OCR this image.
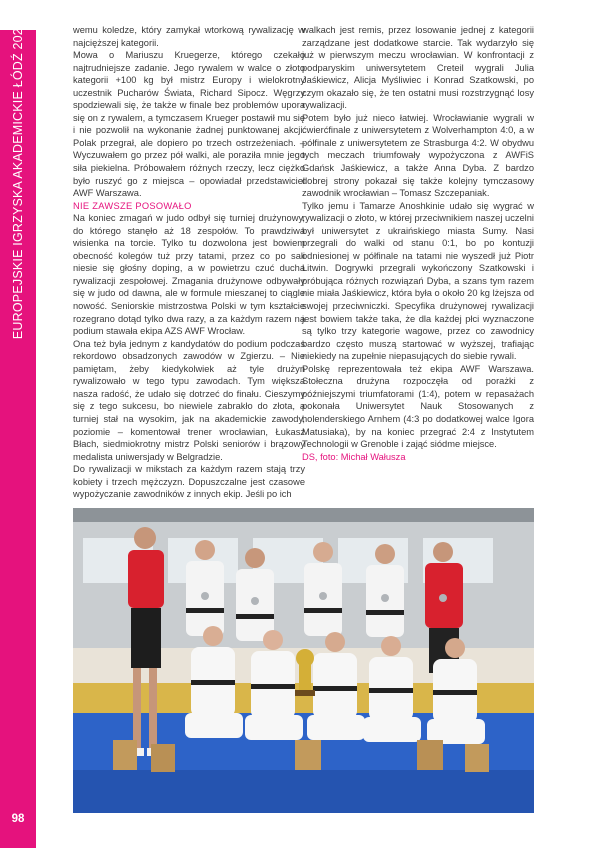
EUROPEJSKIE IGRZYSKA AKADEMICKIE ŁÓDŹ 2022
98

wemu koledze, który zamykał wtorkową rywalizację w najcięższej kategorii.

Mowa o Mariuszu Kruegerze, którego czekało najtrudniejsze zadanie. Jego rywalem w walce o złoto kategorii +100 kg był mistrz Europy i wielokrotny uczestnik Pucharów Świata, Richard Sipocz. Węgrzy spodziewali się, że także w finale bez problemów upora się on z rywalem, a tymczasem Krueger postawił mu się i nie pozwolił na wykonanie żadnej punktowanej akcji. Polak przegrał, ale dopiero po trzech ostrzeżeniach. – Wyczuwałem go przez pół walki, ale poraziła mnie jego siła piekielna. Próbowałem różnych rzeczy, lecz ciężko było ruszyć go z miejsca – opowiadał przedstawiciel AWF Warszawa.

NIE ZAWSZE POSOWAŁO

Na koniec zmagań w judo odbył się turniej drużynowy, do którego stanęło aż 18 zespołów. To prawdziwa wisienka na torcie. Tylko tu dozwolona jest bowiem obecność kolegów tuż przy tatami, przez co po sali niesie się głośny doping, a w powietrzu czuć ducha rywalizacji zespołowej. Zmagania drużynowe odbywały się w judo od dawna, ale w formule mieszanej to ciągle nowość. Seniorskie mistrzostwa Polski w tym kształcie rozegrano dotąd tylko dwa razy, a za każdym razem na podium stawała ekipa AZS AWF Wrocław.

Ona też była jednym z kandydatów do podium podczas rekordowo obsadzonych zawodów w Zgierzu. – Nie pamiętam, żeby kiedykolwiek aż tyle drużyn rywalizowało w tego typu zawodach. Tym większa nasza radość, że udało się dotrzeć do finału. Cieszymy się z tego sukcesu, bo niewiele zabrakło do złota, a turniej stał na wysokim, jak na akademickie zawody, poziomie – komentował trener wrocławian, Łukasz Błach, siedmiokrotny mistrz Polski seniorów i brązowy medalista uniwersjady w Belgradzie.

Do rywalizacji w mikstach za każdym razem stają trzy kobiety i trzech mężczyzn. Dopuszczalne jest czasowe wypożyczanie zawodników z innych ekip. Jeśli po ich

walkach jest remis, przez losowanie jednej z kategorii zarządzane jest dodatkowe starcie. Tak wydarzyło się już w pierwszym meczu wrocławian. W konfrontacji z podparyskim uniwersytetem Creteil wygrali Julia Jaśkiewicz, Alicja Myśliwiec i Konrad Szatkowski, po czym okazało się, że ten ostatni musi rozstrzygnąć losy rywalizacji.

Potem było już nieco łatwiej. Wrocławianie wygrali w ćwierćfinale z uniwersytetem z Wolverhampton 4:0, a w półfinale z uniwersytetem ze Strasburga 4:2. W obydwu tych meczach triumfowały wypożyczona z AWFiS Gdańsk Jaśkiewicz, a także Anna Dyba. Z bardzo dobrej strony pokazał się także kolejny tymczasowy zawodnik wrocławian – Tomasz Szczepaniak.

Tylko jemu i Tamarze Anoshkinie udało się wygrać w rywalizacji o złoto, w której przeciwnikiem naszej uczelni był uniwersytet z ukraińskiego miasta Sumy. Nasi przegrali do walki od stanu 0:1, bo po kontuzji odniesionej w półfinale na tatami nie wyszedł już Piotr Litwin. Dogrywki przegrali wykończony Szatkowski i próbująca różnych rozwiązań Dyba, a szans tym razem nie miała Jaśkiewicz, która była o około 20 kg lżejsza od swojej przeciwniczki. Specyfika drużynowej rywalizacji jest bowiem także taka, że dla każdej płci wyznaczone są tylko trzy kategorie wagowe, przez co zawodnicy bardzo często muszą startować w wyższej, trafiając niekiedy na zupełnie niepasujących do siebie rywali.

Polskę reprezentowała też ekipa AWF Warszawa. Stołeczna drużyna rozpoczęła od porażki z późniejszymi triumfatorami (1:4), potem w repasażach pokonała Uniwersytet Nauk Stosowanych z holenderskiego Arnhem (4:3 po dodatkowej walce Igora Matusiaka), by na koniec przegrać 2:4 z Instytutem Technologii w Grenoble i zająć siódme miejsce.

DS, foto: Michał Wałusza
